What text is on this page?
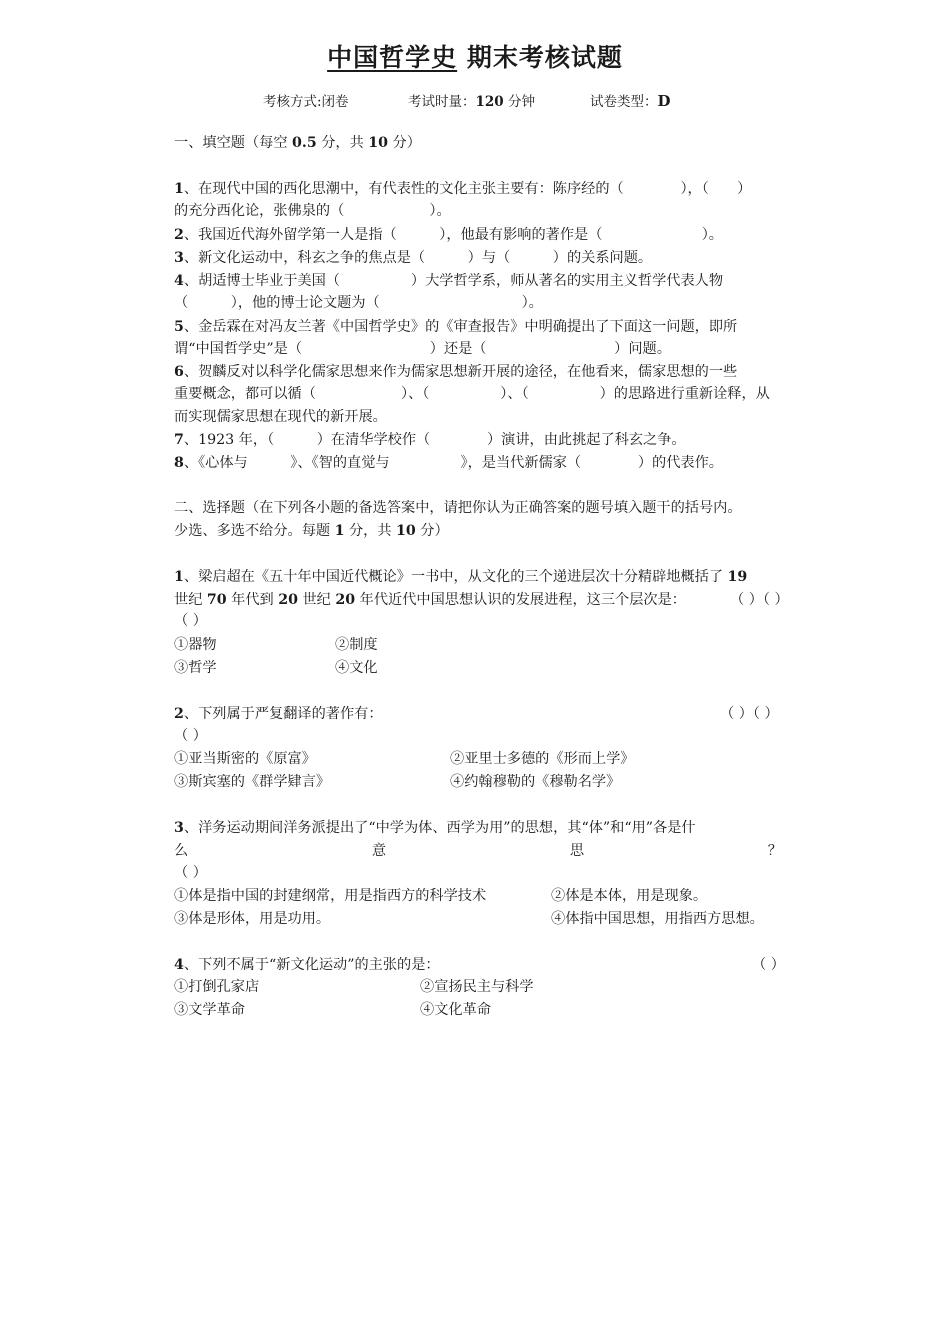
中国哲学史 期末考核试题
考核方式:闭卷	考试时量：120 分钟	试卷类型：D
一、填空题（每空 0.5 分，共 10 分）
1、在现代中国的西化思潮中，有代表性的文化主张主要有：陈序经的（　　　　），（　　）
的充分西化论，张佛泉的（　　　　　　）。
2、我国近代海外留学第一人是指（　　　），他最有影响的著作是（　　　　　　　）。
3、新文化运动中，科玄之争的焦点是（　　　）与（　　　）的关系问题。
4、胡适博士毕业于美国（　　　　　）大学哲学系，师从著名的实用主义哲学代表人物
（　　　），他的博士论文题为（　　　　　　　　　　）。
5、金岳霖在对冯友兰著《中国哲学史》的《审查报告》中明确提出了下面这一问题，即所
谓“中国哲学史”是（　　　　　　　　　）还是（　　　　　　　　　）问题。
6、贺麟反对以科学化儒家思想来作为儒家思想新开展的途径，在他看来，儒家思想的一些
重要概念，都可以循（　　　　　　）、（　　　　　）、（　　　　　）的思路进行重新诠释，从
而实现儒家思想在现代的新开展。
7、1923 年，（　　　）在清华学校作（　　　　）演讲，由此挑起了科玄之争。
8、《心体与　　　》、《智的直觉与　　　　　》，是当代新儒家（　　　　）的代表作。
二、选择题（在下列各小题的备选答案中，请把你认为正确答案的题号填入题干的括号内。
少选、多选不给分。每题 1 分，共 10 分）
1、梁启超在《五十年中国近代概论》一书中，从文化的三个递进层次十分精辟地概括了 19
世纪 70 年代到 20 世纪 20 年代近代中国思想认识的发展进程，这三个层次是：	（ ）（ ）
（ ）
①器物	②制度
③哲学	④文化
2、下列属于严复翻译的著作有：	（ ）（ ）
（ ）
①亚当斯密的《原富》	②亚里士多德的《形而上学》
③斯宾塞的《群学肄言》	④约翰穆勒的《穆勒名学》
3、洋务运动期间洋务派提出了“中学为体、西学为用”的思想，其“体”和“用”各是什
么	意	思	？
（ ）
①体是指中国的封建纲常，用是指西方的科学技术	②体是本体，用是现象。
③体是形体，用是功用。	④体指中国思想，用指西方思想。
4、下列不属于“新文化运动”的主张的是：	（ ）
①打倒孔家店	②宣扬民主与科学
③文学革命	④文化革命
